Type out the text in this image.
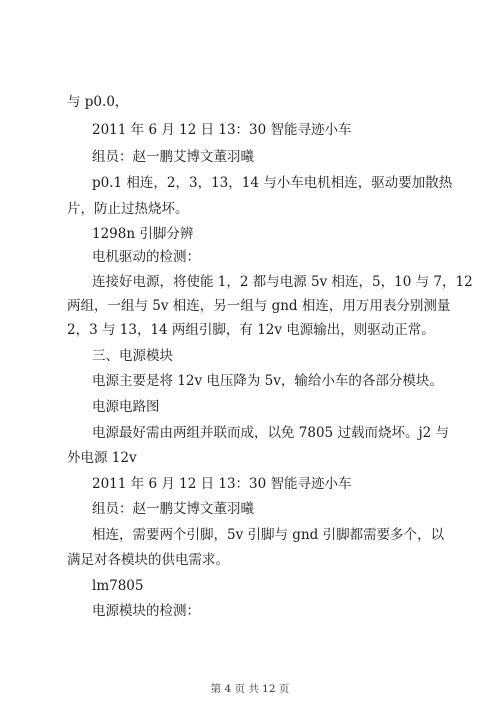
与 p0.0，
2011 年 6 月 12 日 13：30 智能寻迹小车
组员：赵一鹏艾博文董羽曦
p0.1 相连，2，3，13，14 与小车电机相连，驱动要加散热
片，防止过热烧坏。
1298n 引脚分辨
电机驱动的检测：
连接好电源，将使能 1，2 都与电源 5v 相连，5，10 与 7，12
两组，一组与 5v 相连，另一组与 gnd 相连，用万用表分别测量
2，3 与 13，14 两组引脚，有 12v 电源输出，则驱动正常。
三、电源模块
电源主要是将 12v 电压降为 5v，输给小车的各部分模块。
电源电路图
电源最好需由两组并联而成，以免 7805 过载而烧坏。j2 与
外电源 12v
2011 年 6 月 12 日 13：30 智能寻迹小车
组员：赵一鹏艾博文董羽曦
相连，需要两个引脚，5v 引脚与 gnd 引脚都需要多个，以
满足对各模块的供电需求。
lm7805
电源模块的检测：
第 4 页 共 12 页
